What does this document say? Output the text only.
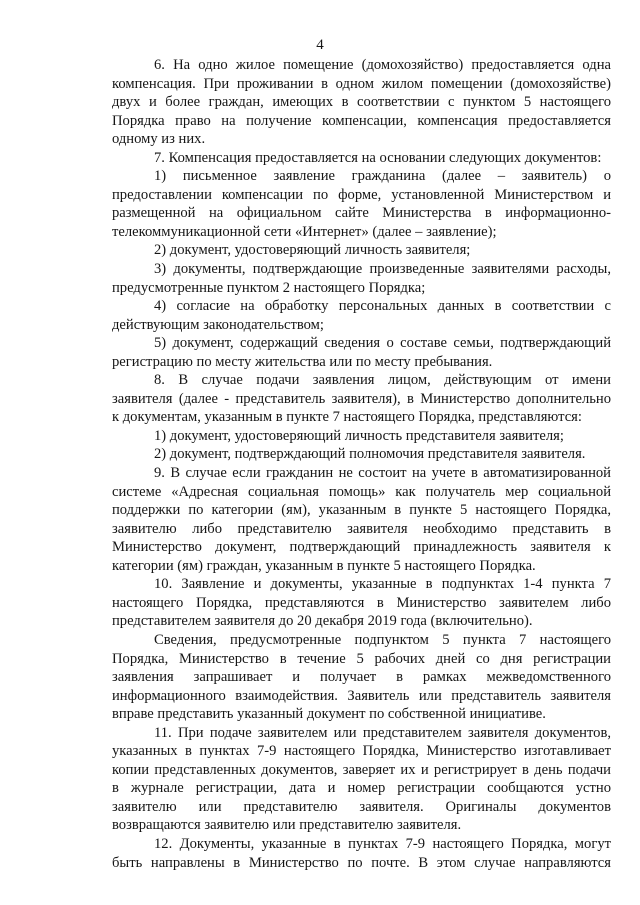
4
6. На одно жилое помещение (домохозяйство) предоставляется одна
компенсация. При проживании в одном жилом помещении (домохозяйстве)
двух и более граждан, имеющих в соответствии с пунктом 5 настоящего
Порядка право на получение компенсации, компенсация предоставляется
одному из них.
7. Компенсация предоставляется на основании следующих документов:
1) письменное заявление гражданина (далее – заявитель) о
предоставлении компенсации по форме, установленной Министерством и
размещенной на официальном сайте Министерства в информационно-
телекоммуникационной сети «Интернет» (далее – заявление);
2) документ, удостоверяющий личность заявителя;
3) документы, подтверждающие произведенные заявителями расходы,
предусмотренные пунктом 2 настоящего Порядка;
4) согласие на обработку персональных данных в соответствии с
действующим законодательством;
5) документ, содержащий сведения о составе семьи, подтверждающий
регистрацию по месту жительства или по месту пребывания.
8. В случае подачи заявления лицом, действующим от имени
заявителя (далее - представитель заявителя), в Министерство дополнительно
к документам, указанным в пункте 7 настоящего Порядка, представляются:
1) документ, удостоверяющий личность представителя заявителя;
2) документ, подтверждающий полномочия представителя заявителя.
9. В случае если гражданин не состоит на учете в автоматизированной
системе «Адресная социальная помощь» как получатель мер социальной
поддержки по категории (ям), указанным в пункте 5 настоящего Порядка,
заявителю либо представителю заявителя необходимо представить в
Министерство документ, подтверждающий принадлежность заявителя к
категории (ям) граждан, указанным в пункте 5 настоящего Порядка.
10. Заявление и документы, указанные в подпунктах 1-4 пункта 7
настоящего Порядка, представляются в Министерство заявителем либо
представителем заявителя до 20 декабря 2019 года (включительно).
Сведения, предусмотренные подпунктом 5 пункта 7 настоящего
Порядка, Министерство в течение 5 рабочих дней со дня регистрации
заявления запрашивает и получает в рамках межведомственного
информационного взаимодействия. Заявитель или представитель заявителя
вправе представить указанный документ по собственной инициативе.
11. При подаче заявителем или представителем заявителя документов,
указанных в пунктах 7-9 настоящего Порядка, Министерство изготавливает
копии представленных документов, заверяет их и регистрирует в день подачи
в журнале регистрации, дата и номер регистрации сообщаются устно
заявителю или представителю заявителя. Оригиналы документов
возвращаются заявителю или представителю заявителя.
12. Документы, указанные в пунктах 7-9 настоящего Порядка, могут
быть направлены в Министерство по почте. В этом случае направляются
